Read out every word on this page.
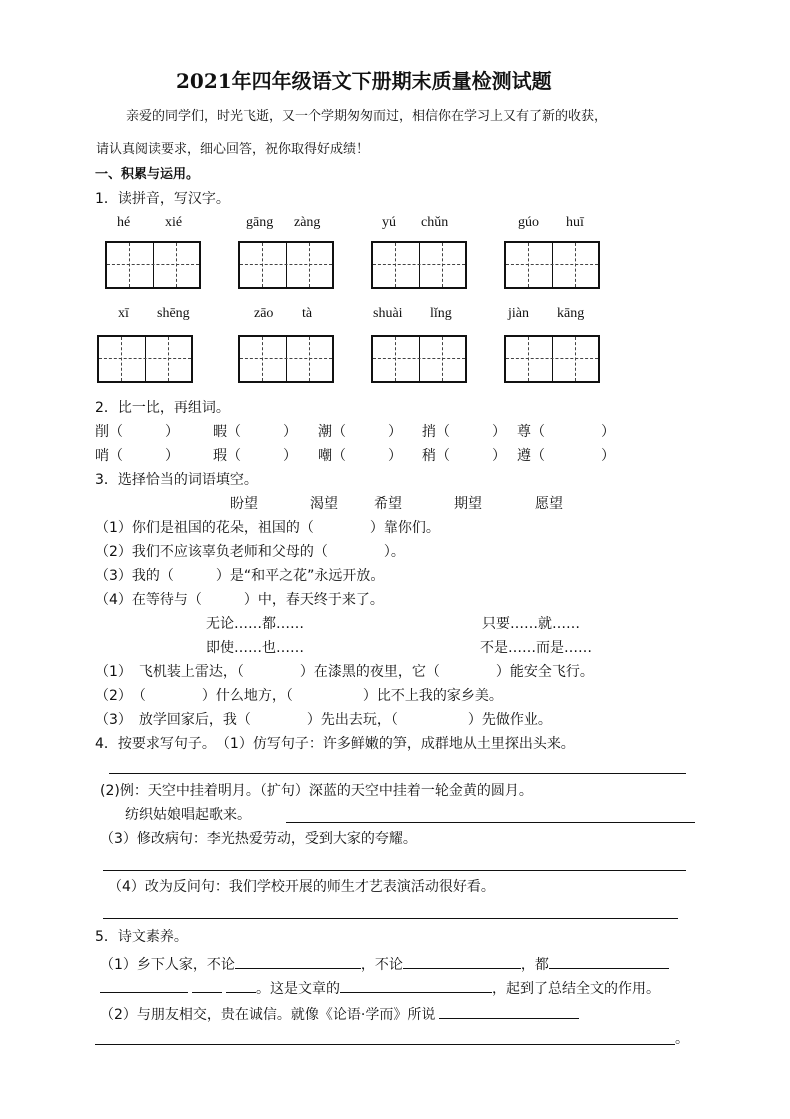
2021年四年级语文下册期末质量检测试题
亲爱的同学们，时光飞逝，又一个学期匆匆而过，相信你在学习上又有了新的收获，
请认真阅读要求，细心回答，祝你取得好成绩！
一、积累与运用。
1．读拼音，写汉字。
hé xié	gāng zàng	yú chǔn	gúo huī
xī shēng	zāo tà	shuài lǐng	jiàn kāng
2．比一比，再组词。
削（　　　） 暇（　　　） 潮（　　　） 捎（　　　） 尊（　　　　）
哨（　　　） 瑕（　　　） 嘲（　　　） 稍（　　　） 遵（　　　　）
3．选择恰当的词语填空。
盼望	渴望	希望	期望	愿望
（1）你们是祖国的花朵，祖国的（　　　　）靠你们。
（2）我们不应该辜负老师和父母的（　　　　）。
（3）我的（　　　）是“和平之花”永远开放。
（4）在等待与（　　　）中，春天终于来了。
无论……都……	只要……就……
即使……也……	不是……而是……
（1）　飞机装上雷达，（　　　　）在漆黑的夜里，它（　　　　）能安全飞行。
（2）　（　　　　）什么地方，（　　　　　）比不上我的家乡美。
（3）　放学回家后，我（　　　　）先出去玩，（　　　　　）先做作业。
4．按要求写句子。　（1）仿写句子：许多鲜嫩的笋，成群地从土里探出头来。
(2)例：天空中挂着明月。（扩句）深蓝的天空中挂着一轮金黄的圆月。
纺织姑娘唱起歌来。
（3）修改病句：李光热爱劳动，受到大家的夸耀。
（4）改为反问句：我们学校开展的师生才艺表演活动很好看。
5．诗文素养。
（1）乡下人家，不论	，不论	，都
。这是文章的	，起到了总结全文的作用。
（2）与朋友相交，贵在诚信。就像《论语·学而》所说
。
